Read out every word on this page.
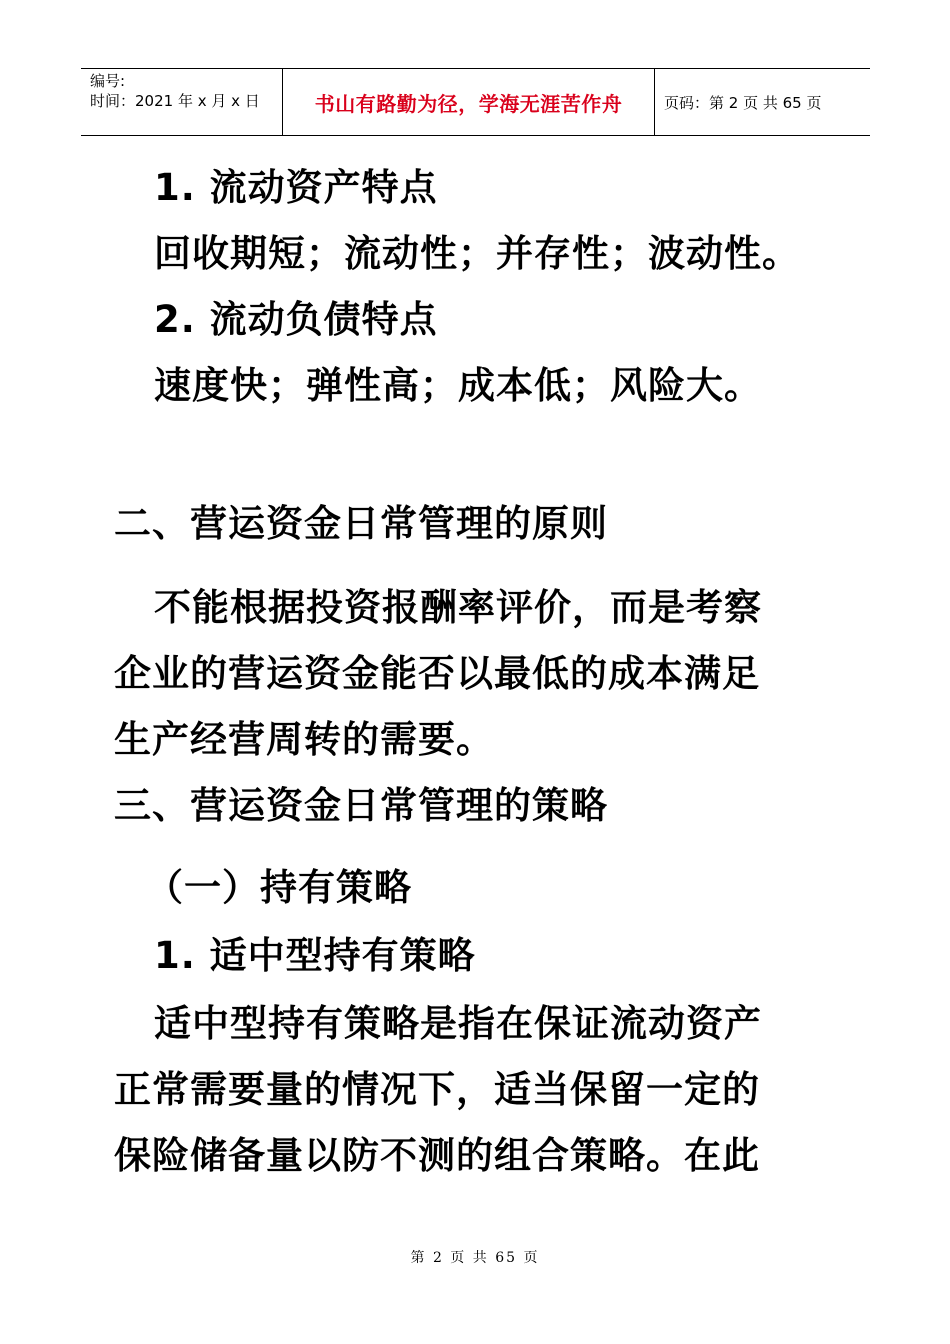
编号:
时间：2021 年 x 月 x 日	书山有路勤为径，学海无涯苦作舟	页码：第 2 页 共 65 页
1. 流动资产特点
回收期短；流动性；并存性；波动性。
2. 流动负债特点
速度快；弹性高；成本低；风险大。
二、营运资金日常管理的原则
不能根据投资报酬率评价，而是考察
企业的营运资金能否以最低的成本满足
生产经营周转的需要。
三、营运资金日常管理的策略
（一）持有策略
1. 适中型持有策略
适中型持有策略是指在保证流动资产
正常需要量的情况下，适当保留一定的
保险储备量以防不测的组合策略。在此
第 2 页 共 65 页
